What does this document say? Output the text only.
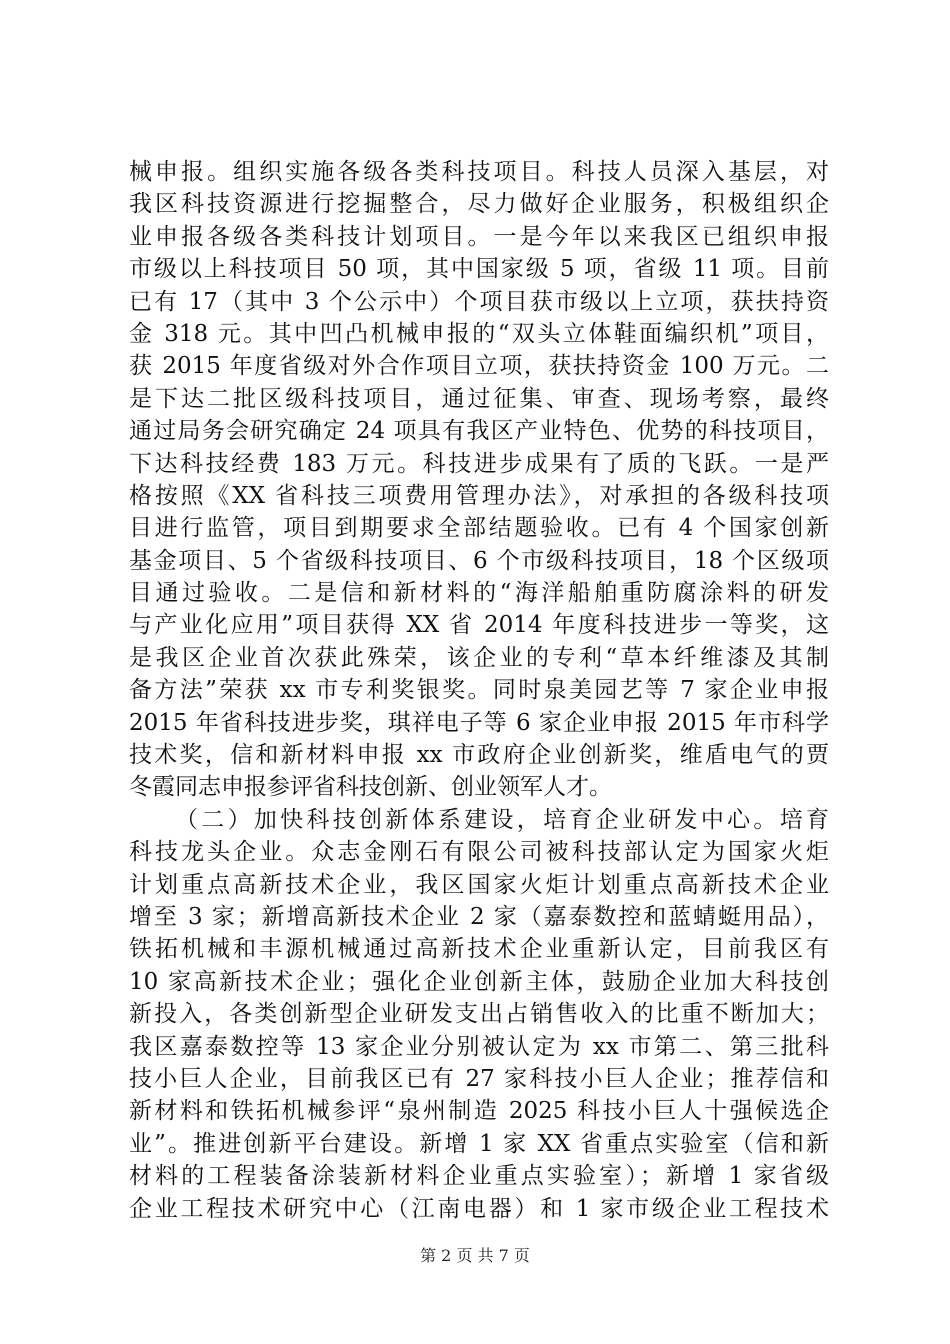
械申报。组织实施各级各类科技项目。科技人员深入基层，对
我区科技资源进行挖掘整合，尽力做好企业服务，积极组织企
业申报各级各类科技计划项目。一是今年以来我区已组织申报
市级以上科技项目 50 项，其中国家级 5 项，省级 11 项。目前
已有 17（其中 3 个公示中）个项目获市级以上立项，获扶持资
金 318 元。其中凹凸机械申报的“双头立体鞋面编织机”项目，
获 2015 年度省级对外合作项目立项，获扶持资金 100 万元。二
是下达二批区级科技项目，通过征集、审查、现场考察，最终
通过局务会研究确定 24 项具有我区产业特色、优势的科技项目，
下达科技经费 183 万元。科技进步成果有了质的飞跃。一是严
格按照《XX 省科技三项费用管理办法》，对承担的各级科技项
目进行监管，项目到期要求全部结题验收。已有 4 个国家创新
基金项目、5 个省级科技项目、6 个市级科技项目，18 个区级项
目通过验收。二是信和新材料的“海洋船舶重防腐涂料的研发
与产业化应用”项目获得 XX 省 2014 年度科技进步一等奖，这
是我区企业首次获此殊荣，该企业的专利“草本纤维漆及其制
备方法”荣获 xx 市专利奖银奖。同时泉美园艺等 7 家企业申报
2015 年省科技进步奖，琪祥电子等 6 家企业申报 2015 年市科学
技术奖，信和新材料申报 xx 市政府企业创新奖，维盾电气的贾
冬霞同志申报参评省科技创新、创业领军人才。
（二）加快科技创新体系建设，培育企业研发中心。培育
科技龙头企业。众志金刚石有限公司被科技部认定为国家火炬
计划重点高新技术企业，我区国家火炬计划重点高新技术企业
增至 3 家；新增高新技术企业 2 家（嘉泰数控和蓝蜻蜓用品），
铁拓机械和丰源机械通过高新技术企业重新认定，目前我区有
10 家高新技术企业；强化企业创新主体，鼓励企业加大科技创
新投入，各类创新型企业研发支出占销售收入的比重不断加大；
我区嘉泰数控等 13 家企业分别被认定为 xx 市第二、第三批科
技小巨人企业，目前我区已有 27 家科技小巨人企业；推荐信和
新材料和铁拓机械参评“泉州制造 2025 科技小巨人十强候选企
业”。推进创新平台建设。新增 1 家 XX 省重点实验室（信和新
材料的工程装备涂装新材料企业重点实验室）；新增 1 家省级
企业工程技术研究中心（江南电器）和 1 家市级企业工程技术
第 2 页 共 7 页
